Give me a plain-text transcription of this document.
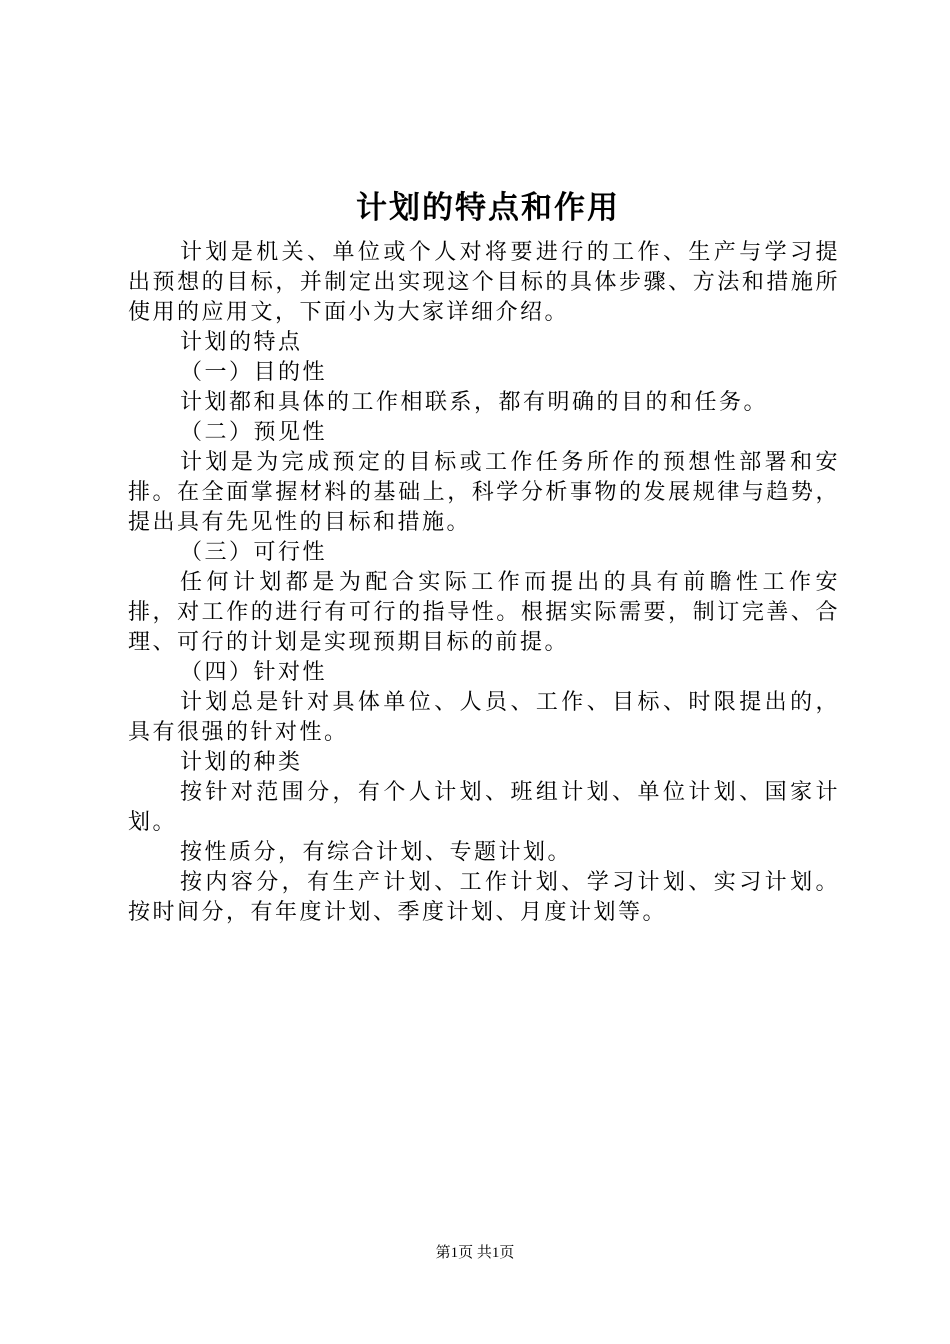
计划的特点和作用

计划是机关、单位或个人对将要进行的工作、生产与学习提出预想的目标，并制定出实现这个目标的具体步骤、方法和措施所使用的应用文，下面小为大家详细介绍。

计划的特点

（一）目的性

计划都和具体的工作相联系，都有明确的目的和任务。

（二）预见性

计划是为完成预定的目标或工作任务所作的预想性部署和安排。在全面掌握材料的基础上，科学分析事物的发展规律与趋势，提出具有先见性的目标和措施。

（三）可行性

任何计划都是为配合实际工作而提出的具有前瞻性工作安排，对工作的进行有可行的指导性。根据实际需要，制订完善、合理、可行的计划是实现预期目标的前提。

（四）针对性

计划总是针对具体单位、人员、工作、目标、时限提出的，具有很强的针对性。

计划的种类

按针对范围分，有个人计划、班组计划、单位计划、国家计划。

按性质分，有综合计划、专题计划。

按内容分，有生产计划、工作计划、学习计划、实习计划。按时间分，有年度计划、季度计划、月度计划等。

第1页 共1页
